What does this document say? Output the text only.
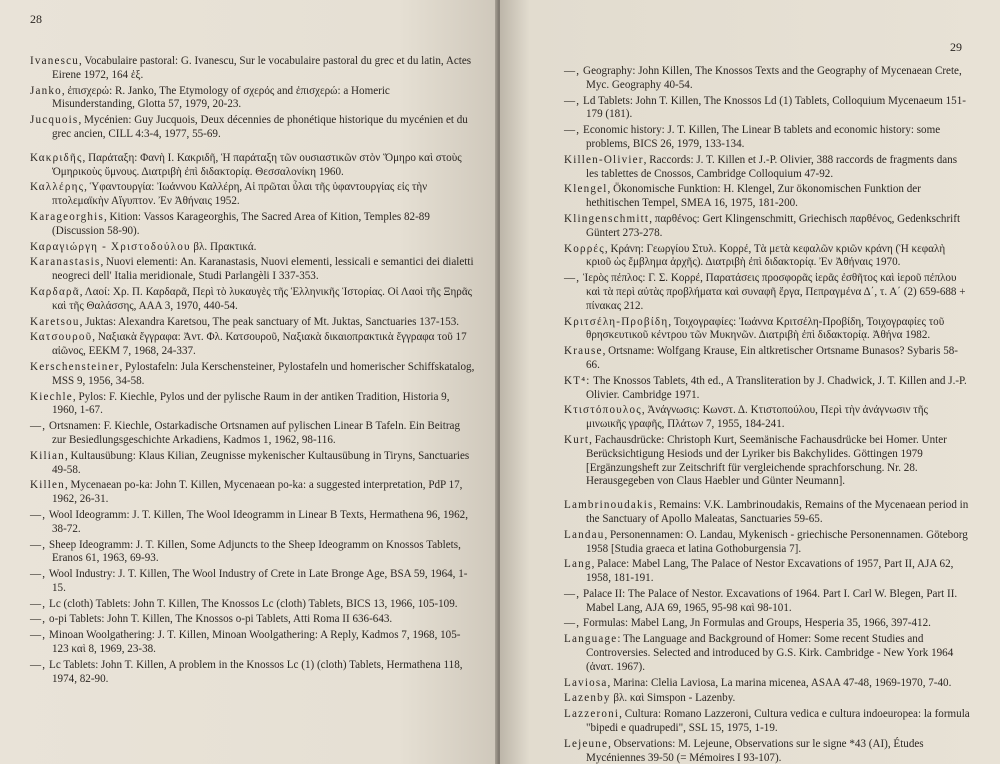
28
Ivanescu, Vocabulaire pastoral: G. Ivanescu, Sur le vocabulaire pastoral du grec et du latin, Actes Eirene 1972, 164 ἑξ.
Janko, ἐπισχερώ: R. Janko, The Etymology of σχερός and ἐπισχερώ: a Homeric Misunderstanding, Glotta 57, 1979, 20-23.
Jucquois, Mycénien: Guy Jucquois, Deux décennies de phonétique historique du mycénien et du grec ancien, CILL 4:3-4, 1977, 55-69.
Κακριδῆς, Παράταξη: Φανὴ Ι. Κακριδῆ, Ἡ παράταξη τῶν ουσιαστικῶν στὸν Ὅμηρο καὶ στοὺς Ὁμηρικοὺς ὕμνους. Διατριβὴ ἐπὶ διδακτορίᾳ. Θεσσαλονίκη 1960.
Καλλέρης, Ὑφαντουργία: Ἰωάννου Καλλέρη, Αἱ πρῶται ὗλαι τῆς ὑφαντουργίας εἰς τὴν πτολεμαϊκὴν Αἴγυπτον. Ἐν Ἀθήναις 1952.
Karageorghis, Kition: Vassos Karageorghis, The Sacred Area of Kition, Temples 82-89 (Discussion 58-90).
Καραγιώργη - Χριστοδούλου βλ. Πρακτικά.
Karanastasis, Nuovi elementi: An. Karanastasis, Nuovi elementi, lessicali e semantici dei dialetti neogreci dell' Italia meridionale, Studi Parlangèli I 337-353.
Καρδαρᾶ, Λαοί: Χρ. Π. Καρδαρᾶ, Περὶ τὸ λυκαυγὲς τῆς Ἑλληνικῆς Ἱστορίας. Οἱ Λαοὶ τῆς Ξηρᾶς καὶ τῆς Θαλάσσης, ΑΑΑ 3, 1970, 440-54.
Karetsou, Juktas: Alexandra Karetsou, The peak sanctuary of Mt. Juktas, Sanctuaries 137-153.
Κατσουροῦ, Ναξιακὰ ἔγγραφα: Ἀντ. Φλ. Κατσουροῦ, Ναξιακὰ δικαιοπρακτικὰ ἔγγραφα τοῦ 17 αἰῶνος, ΕΕΚΜ 7, 1968, 24-337.
Kerschensteiner, Pylostafeln: Jula Kerschensteiner, Pylostafeln und homerischer Schiffskatalog, MSS 9, 1956, 34-58.
Kiechle, Pylos: F. Kiechle, Pylos und der pylische Raum in der antiken Tradition, Historia 9, 1960, 1-67.
—, Ortsnamen: F. Kiechle, Ostarkadische Ortsnamen auf pylischen Linear B Tafeln. Ein Beitrag zur Besiedlungsgeschichte Arkadiens, Kadmos 1, 1962, 98-116.
Kilian, Kultausübung: Klaus Kilian, Zeugnisse mykenischer Kultausübung in Tiryns, Sanctuaries 49-58.
Killen, Mycenaean po-ka: John T. Killen, Mycenaean po-ka: a suggested interpretation, PdP 17, 1962, 26-31.
—, Wool Ideogramm: J. T. Killen, The Wool Ideogramm in Linear B Texts, Hermathena 96, 1962, 38-72.
—, Sheep Ideogramm: J. T. Killen, Some Adjuncts to the Sheep Ideogramm on Knossos Tablets, Eranos 61, 1963, 69-93.
—, Wool Industry: J. T. Killen, The Wool Industry of Crete in Late Bronge Age, BSA 59, 1964, 1-15.
—, Lc (cloth) Tablets: John T. Killen, The Knossos Lc (cloth) Tablets, BICS 13, 1966, 105-109.
—, o-pi Tablets: John T. Killen, The Knossos o-pi Tablets, Atti Roma II 636-643.
—, Minoan Woolgathering: J. T. Killen, Minoan Woolgathering: A Reply, Kadmos 7, 1968, 105-123 καὶ 8, 1969, 23-38.
—, Lc Tablets: John T. Killen, A problem in the Knossos Lc (1) (cloth) Tablets, Hermathena 118, 1974, 82-90.
29
—, Geography: John Killen, The Knossos Texts and the Geography of Mycenaean Crete, Myc. Geography 40-54.
—, Ld Tablets: John T. Killen, The Knossos Ld (1) Tablets, Colloquium Mycenaeum 151-179 (181).
—, Economic history: J. T. Killen, The Linear B tablets and economic history: some problems, BICS 26, 1979, 133-134.
Killen-Olivier, Raccords: J. T. Killen et J.-P. Olivier, 388 raccords de fragments dans les tablettes de Cnossos, Cambridge Colloquium 47-92.
Klengel, Ökonomische Funktion: H. Klengel, Zur ökonomischen Funktion der hethitischen Tempel, SMEA 16, 1975, 181-200.
Klingenschmitt, παρθένος: Gert Klingenschmitt, Griechisch παρθένος, Gedenkschrift Güntert 273-278.
Κορρές, Κράνη: Γεωργίου Στυλ. Κορρέ, Τὰ μετὰ κεφαλῶν κριῶν κράνη (Ἡ κεφαλὴ κριοῦ ὡς ἔμβλημα ἀρχῆς). Διατριβὴ ἐπὶ διδακτορίᾳ. Ἐν Ἀθήναις 1970.
—, Ἱερὸς πέπλος: Γ. Σ. Κορρέ, Παρατάσεις προσφορᾶς ἱερᾶς ἐσθῆτος καὶ ἱεροῦ πέπλου καὶ τὰ περὶ αὐτὰς προβλήματα καὶ συναφῆ ἔργα, Πεπραγμένα Δ΄, τ. Α΄ (2) 659-688 + πίνακας 212.
Κριτσέλη-Προβίδη, Τοιχογραφίες: Ἰωάννα Κριτσέλη-Προβίδη, Τοιχογραφίες τοῦ θρησκευτικοῦ κέντρου τῶν Μυκηνῶν. Διατριβὴ ἐπὶ διδακτορίᾳ. Ἀθήνα 1982.
Krause, Ortsname: Wolfgang Krause, Ein altkretischer Ortsname Bunasos? Sybaris 58-66.
KT⁴: The Knossos Tablets, 4th ed., A Transliteration by J. Chadwick, J. T. Killen and J.-P. Olivier. Cambridge 1971.
Κτιστόπουλος, Ἀνάγνωσις: Κωνστ. Δ. Κτιστοπούλου, Περὶ τὴν ἀνάγνωσιν τῆς μινωικῆς γραφῆς, Πλάτων 7, 1955, 184-241.
Kurt, Fachausdrücke: Christoph Kurt, Seemänische Fachausdrücke bei Homer. Unter Berücksichtigung Hesiods und der Lyriker bis Bakchylides. Göttingen 1979 [Ergänzungsheft zur Zeitschrift für vergleichende sprachforschung. Nr. 28. Herausgegeben von Claus Haebler und Günter Neumann].
Lambrinoudakis, Remains: V.K. Lambrinoudakis, Remains of the Mycenaean period in the Sanctuary of Apollo Maleatas, Sanctuaries 59-65.
Landau, Personennamen: O. Landau, Mykenisch - griechische Personennamen. Göteborg 1958 [Studia graeca et latina Gothoburgensia 7].
Lang, Palace: Mabel Lang, The Palace of Nestor Excavations of 1957, Part II, AJA 62, 1958, 181-191.
—, Palace II: The Palace of Nestor. Excavations of 1964. Part I. Carl W. Blegen, Part II. Mabel Lang, AJA 69, 1965, 95-98 καὶ 98-101.
—, Formulas: Mabel Lang, Jn Formulas and Groups, Hesperia 35, 1966, 397-412.
Language: The Language and Background of Homer: Some recent Studies and Controversies. Selected and introduced by G.S. Kirk. Cambridge - New York 1964 (ἀνατ. 1967).
Laviosa, Marina: Clelia Laviosa, La marina micenea, ASAA 47-48, 1969-1970, 7-40.
Lazenby βλ. καὶ Simspon - Lazenby.
Lazzeroni, Cultura: Romano Lazzeroni, Cultura vedica e cultura indoeuropea: la formula "bipedi e quadrupedi", SSL 15, 1975, 1-19.
Lejeune, Observations: M. Lejeune, Observations sur le signe *43 (AI), Études Mycéniennes 39-50 (= Mémoires I 93-107).
